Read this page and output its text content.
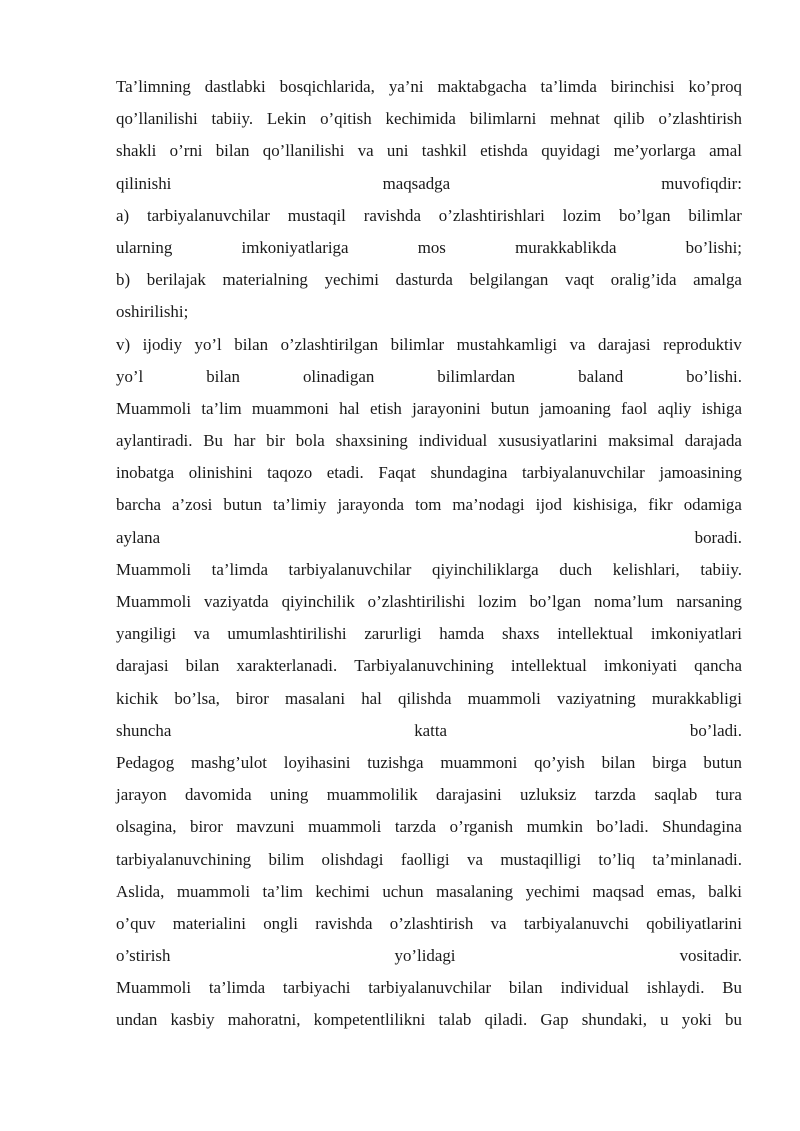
Ta’limning dastlabki bosqichlarida, ya’ni maktabgacha ta’limda birinchisi ko’proq
qo’llanilishi tabiiy. Lekin o’qitish kechimida bilimlarni mehnat qilib o’zlashtirish
shakli o’rni bilan qo’llanilishi va uni tashkil etishda quyidagi me’yorlarga amal
qilinishi	maqsadga	muvofiqdir:
a) tarbiyalanuvchilar mustaqil ravishda o’zlashtirishlari lozim bo’lgan bilimlar
ularning	imkoniyatlariga	mos	murakkablikda	bo’lishi;
b) berilajak materialning yechimi dasturda belgilangan vaqt oralig’ida amalga
oshirilishi;
v) ijodiy yo’l bilan o’zlashtirilgan bilimlar mustahkamligi va darajasi reproduktiv
yo’l	bilan	olinadigan	bilimlardan	baland	bo’lishi.
Muammoli ta’lim muammoni hal etish jarayonini butun jamoaning faol aqliy ishiga
aylantiradi. Bu har bir bola shaxsining individual xususiyatlarini maksimal darajada
inobatga olinishini taqozo etadi. Faqat shundagina tarbiyalanuvchilar jamoasining
barcha a’zosi butun ta’limiy jarayonda tom ma’nodagi ijod kishisiga, fikr odamiga
aylana	boradi.
Muammoli ta’limda tarbiyalanuvchilar qiyinchiliklarga duch kelishlari, tabiiy.
Muammoli vaziyatda qiyinchilik o’zlashtirilishi lozim bo’lgan noma’lum narsaning
yangiligi va umumlashtirilishi zarurligi hamda shaxs intellektual imkoniyatlari
darajasi bilan xarakterlanadi. Tarbiyalanuvchining intellektual imkoniyati qancha
kichik bo’lsa, biror masalani hal qilishda muammoli vaziyatning murakkabligi
shuncha	katta	bo’ladi.
Pedagog mashg’ulot loyihasini tuzishga muammoni qo’yish bilan birga butun
jarayon davomida uning muammolilik darajasini uzluksiz tarzda saqlab tura
olsagina, biror mavzuni muammoli tarzda o’rganish mumkin bo’ladi. Shundagina
tarbiyalanuvchining bilim olishdagi faolligi va mustaqilligi to’liq ta’minlanadi.
Aslida, muammoli ta’lim kechimi uchun masalaning yechimi maqsad emas, balki
o’quv materialini ongli ravishda o’zlashtirish va tarbiyalanuvchi qobiliyatlarini
o’stirish	yo’lidagi	vositadir.
Muammoli ta’limda tarbiyachi tarbiyalanuvchilar bilan individual ishlaydi. Bu
undan kasbiy mahoratni, kompetentlilikni talab qiladi. Gap shundaki, u yoki bu
